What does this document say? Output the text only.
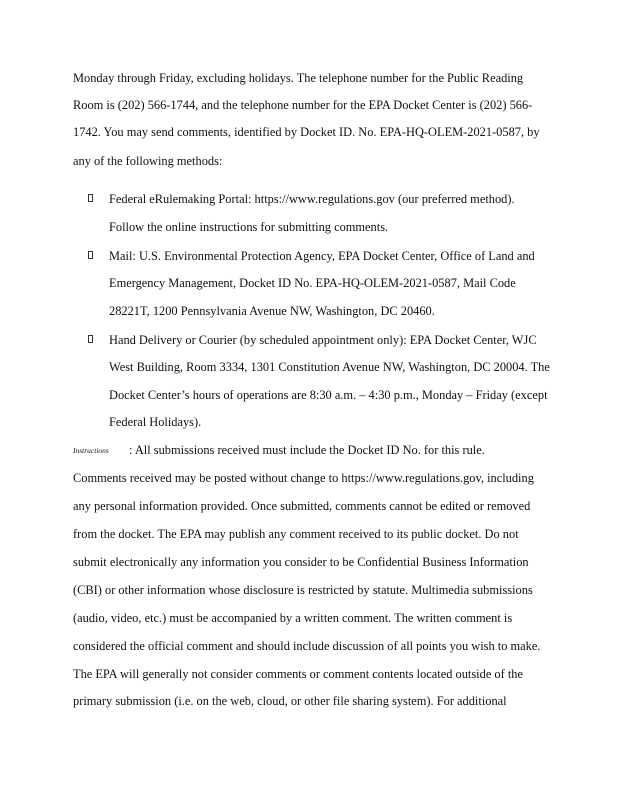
Monday through Friday, excluding holidays. The telephone number for the Public Reading
Room is (202) 566-1744, and the telephone number for the EPA Docket Center is (202) 566-
1742. You may send comments, identified by Docket ID. No. EPA-HQ-OLEM-2021-0587, by
any of the following methods:
Federal eRulemaking Portal: https://www.regulations.gov (our preferred method).
Follow the online instructions for submitting comments.
Mail: U.S. Environmental Protection Agency, EPA Docket Center, Office of Land and
Emergency Management, Docket ID No. EPA-HQ-OLEM-2021-0587, Mail Code
28221T, 1200 Pennsylvania Avenue NW, Washington, DC 20460.
Hand Delivery or Courier (by scheduled appointment only): EPA Docket Center, WJC
West Building, Room 3334, 1301 Constitution Avenue NW, Washington, DC 20004. The
Docket Center’s hours of operations are 8:30 a.m. – 4:30 p.m., Monday – Friday (except
Federal Holidays).
Instructions : All submissions received must include the Docket ID No. for this rule.
Comments received may be posted without change to https://www.regulations.gov, including
any personal information provided. Once submitted, comments cannot be edited or removed
from the docket. The EPA may publish any comment received to its public docket. Do not
submit electronically any information you consider to be Confidential Business Information
(CBI) or other information whose disclosure is restricted by statute. Multimedia submissions
(audio, video, etc.) must be accompanied by a written comment. The written comment is
considered the official comment and should include discussion of all points you wish to make.
The EPA will generally not consider comments or comment contents located outside of the
primary submission (i.e. on the web, cloud, or other file sharing system). For additional
